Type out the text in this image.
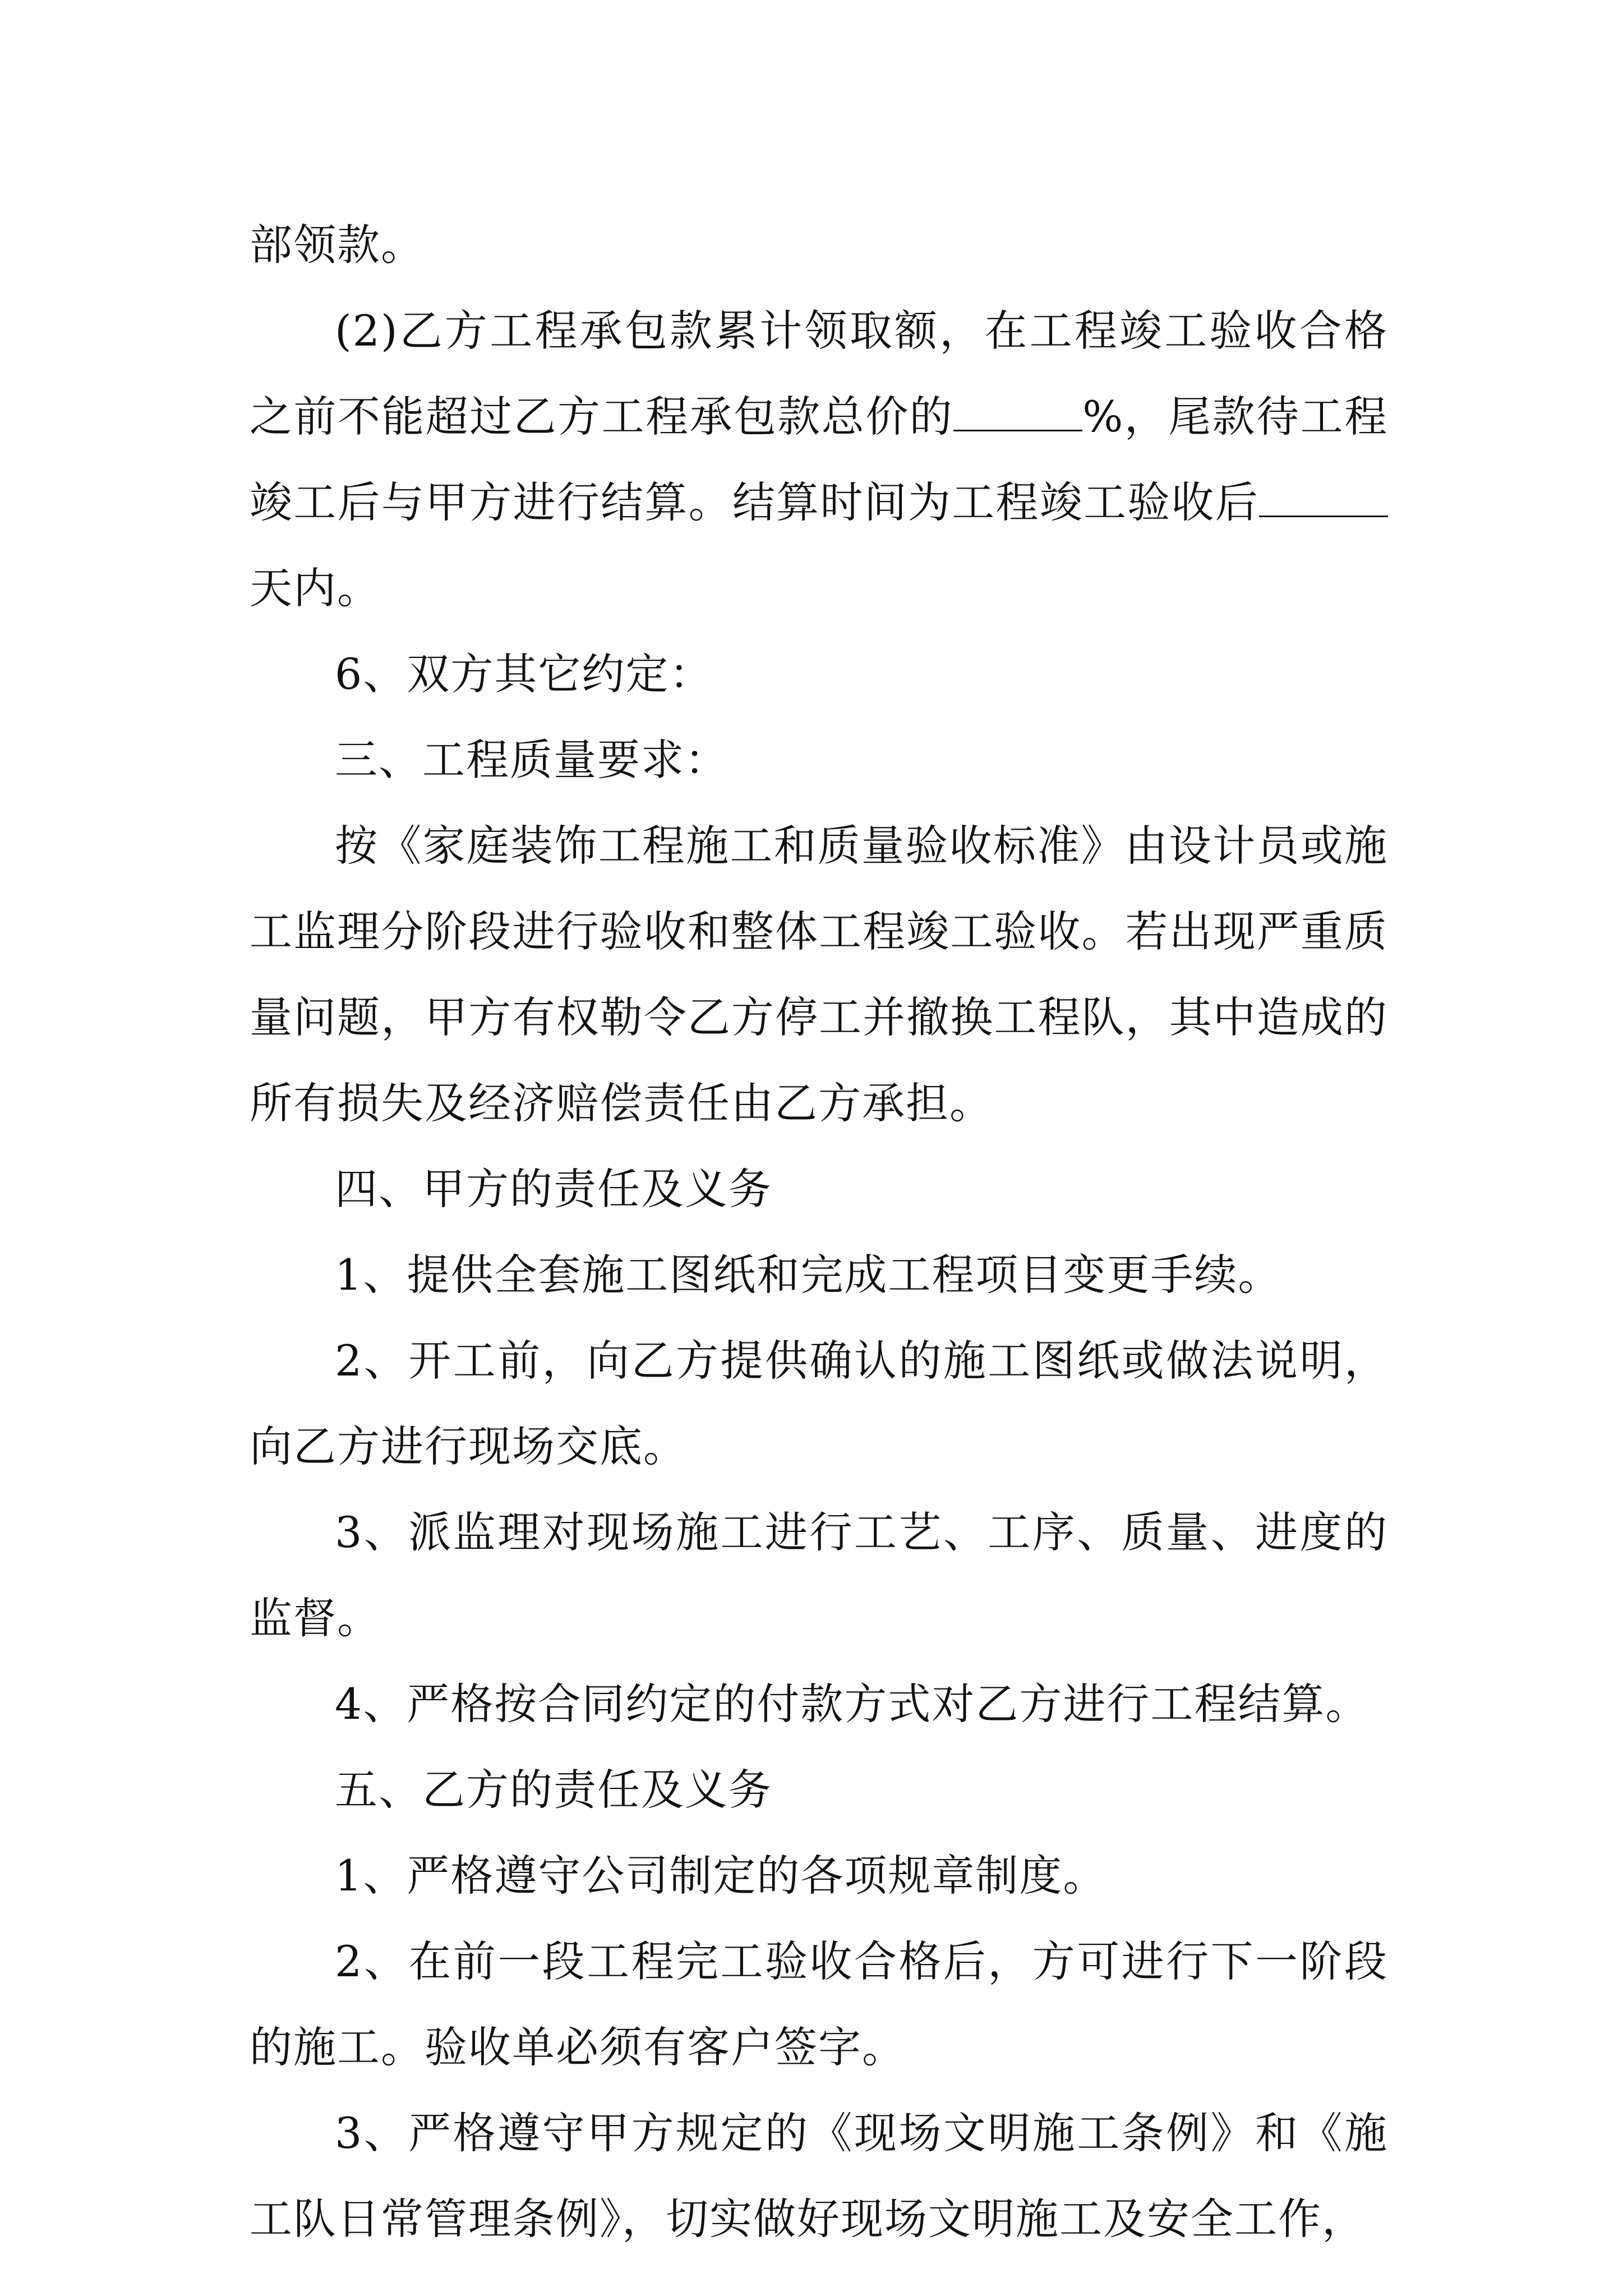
部领款。

(2)乙方工程承包款累计领取额，在工程竣工验收合格之前不能超过乙方工程承包款总价的	%，尾款待工程竣工后与甲方进行结算。结算时间为工程竣工验收后天内。

6、双方其它约定：

三、工程质量要求：

按《家庭装饰工程施工和质量验收标准》由设计员或施工监理分阶段进行验收和整体工程竣工验收。若出现严重质量问题，甲方有权勒令乙方停工并撤换工程队，其中造成的所有损失及经济赔偿责任由乙方承担。

四、甲方的责任及义务

1、提供全套施工图纸和完成工程项目变更手续。

2、开工前，向乙方提供确认的施工图纸或做法说明，向乙方进行现场交底。

3、派监理对现场施工进行工艺、工序、质量、进度的监督。

4、严格按合同约定的付款方式对乙方进行工程结算。

五、乙方的责任及义务

1、严格遵守公司制定的各项规章制度。

2、在前一段工程完工验收合格后，方可进行下一阶段的施工。验收单必须有客户签字。

3、严格遵守甲方规定的《现场文明施工条例》和《施工队日常管理条例》，切实做好现场文明施工及安全工作，
